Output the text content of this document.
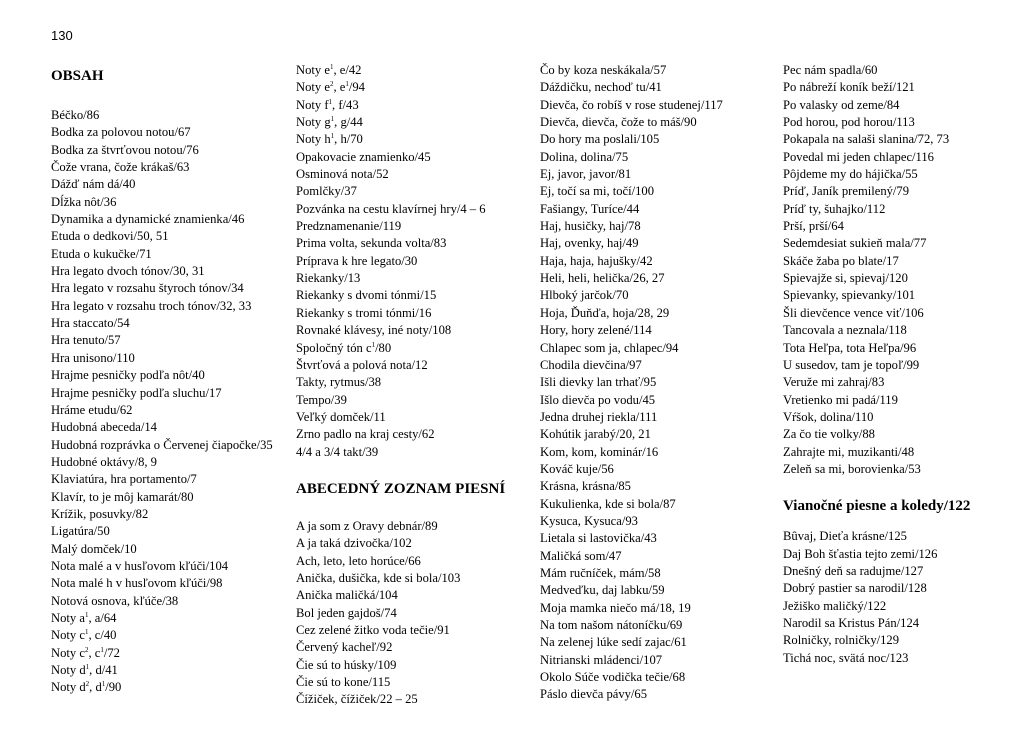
130
OBSAH
Béčko/86
Bodka za polovou notou/67
Bodka za štvrťovou notou/76
Čože vrana, čože krákaš/63
Dážď nám dá/40
Dĺžka nôt/36
Dynamika a dynamické znamienka/46
Etuda o dedkovi/50, 51
Etuda o kukučke/71
Hra legato dvoch tónov/30, 31
Hra legato v rozsahu štyroch tónov/34
Hra legato v rozsahu troch tónov/32, 33
Hra staccato/54
Hra tenuto/57
Hra unisono/110
Hrajme pesničky podľa nôt/40
Hrajme pesničky podľa sluchu/17
Hráme etudu/62
Hudobná abeceda/14
Hudobná rozprávka o Červenej čiapočke/35
Hudobné oktávy/8, 9
Klaviatúra, hra portamento/7
Klavír, to je môj kamarát/80
Krížik, posuvky/82
Ligatúra/50
Malý domček/10
Nota malé a v husľovom kľúči/104
Nota malé h v husľovom kľúči/98
Notová osnova, kľúče/38
Noty $a^1$, a/64
Noty $c^1$, c/40
Noty $c^2$, $c^1/72$
Noty $d^1$, d/41
Noty $d^2$, $d^1/90$
Noty $e^1$, e/42
Noty $e^2$, $e^1/94$
Noty $f^1$, f/43
Noty $g^1$, g/44
Noty $h^1$, h/70
Opakovacie znamienko/45
Osminová nota/52
Pomlčky/37
Pozvánka na cestu klavírnej hry/4 – 6
Predznamenanie/119
Prima volta, sekunda volta/83
Príprava k hre legato/30
Riekanky/13
Riekanky s dvomi tónmi/15
Riekanky s tromi tónmi/16
Rovnaké klávesy, iné noty/108
Spoločný tón $c^1/80$
Štvrťová a polová nota/12
Takty, rytmus/38
Tempo/39
Veľký domček/11
Zrno padlo na kraj cesty/62
4/4 a 3/4 takt/39
ABECEDNÝ ZOZNAM PIESNÍ
A ja som z Oravy debnár/89
A ja taká dzivočka/102
Ach, leto, leto horúce/66
Anička, dušička, kde si bola/103
Anička maličká/104
Bol jeden gajdoš/74
Cez zelené žitko voda tečie/91
Červený kacheľ/92
Čie sú to húsky/109
Čie sú to kone/115
Čížiček, čížiček/22 – 25
Čo by koza neskákala/57
Dáždičku, nechoď tu/41
Dievča, čo robíš v rose studenej/117
Dievča, dievča, čože to máš/90
Do hory ma poslali/105
Dolina, dolina/75
Ej, javor, javor/81
Ej, točí sa mi, točí/100
Fašiangy, Turíce/44
Haj, husičky, haj/78
Haj, ovenky, haj/49
Haja, haja, hajušky/42
Heli, heli, helička/26, 27
Hlboký jarčok/70
Hoja, Ďuňďa, hoja/28, 29
Hory, hory zelené/114
Chlapec som ja, chlapec/94
Chodila dievčina/97
Išli dievky lan trhať/95
Išlo dievča po vodu/45
Jedna druhej riekla/111
Kohútik jarabý/20, 21
Kom, kom, kominár/16
Kováč kuje/56
Krásna, krásna/85
Kukulienka, kde si bola/87
Kysuca, Kysuca/93
Lietala si lastovička/43
Maličká som/47
Mám ručníček, mám/58
Medveďku, daj labku/59
Moja mamka niečo má/18, 19
Na tom našom nátoníčku/69
Na zelenej lúke sedí zajac/61
Nitrianski mládenci/107
Okolo Súče vodička tečie/68
Páslo dievča pávy/65
Pec nám spadla/60
Po nábreží koník beží/121
Po valasky od zeme/84
Pod horou, pod horou/113
Pokapala na salaši slanina/72, 73
Povedal mi jeden chlapec/116
Pôjdeme my do hájička/55
Príď, Janík premilený/79
Príď ty, šuhajko/112
Prší, prší/64
Sedemdesiat sukieň mala/77
Skáče žaba po blate/17
Spievajže si, spievaj/120
Spievanky, spievanky/101
Šli dievčence vence viť/106
Tancovala a neznala/118
Tota Heľpa, tota Heľpa/96
U susedov, tam je topoľ/99
Veruže mi zahraj/83
Vretienko mi padá/119
Vŕšok, dolina/110
Za čo tie volky/88
Zahrajte mi, muzikanti/48
Zeleň sa mi, borovienka/53
Vianočné piesne a koledy/122
Bûvaj, Dieťa krásne/125
Daj Boh šťastia tejto zemi/126
Dnešný deň sa radujme/127
Dobrý pastier sa narodil/128
Ježiško maličký/122
Narodil sa Kristus Pán/124
Rolničky, rolničky/129
Tichá noc, svätá noc/123
